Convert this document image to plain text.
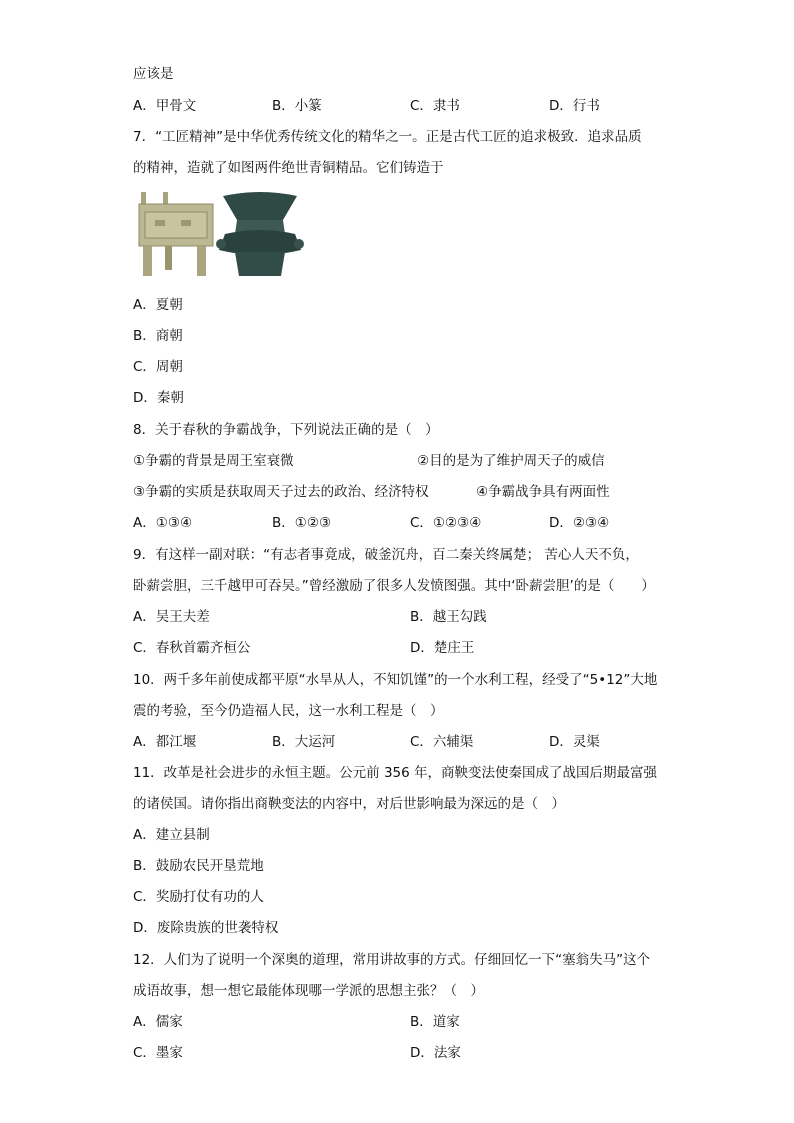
应该是
A．甲骨文	B．小篆	C．隶书	D．行书
7．“工匠精神”是中华优秀传统文化的精华之一。正是古代工匠的追求极致．追求品质
的精神，造就了如图两件绝世青铜精品。它们铸造于
A．夏朝
B．商朝
C．周朝
D．秦朝
8．关于春秋的争霸战争，下列说法正确的是（　）
①争霸的背景是周王室衰微	②目的是为了维护周天子的威信
③争霸的实质是获取周天子过去的政治、经济特权	④争霸战争具有两面性
A．①③④	B．①②③	C．①②③④	D．②③④
9．有这样一副对联：“有志者事竟成，破釜沉舟，百二秦关终属楚； 苦心人天不负，
卧薪尝胆，三千越甲可吞吴。”曾经激励了很多人发愤图强。其中‘卧薪尝胆’的是（　　）
A．吴王夫差	B．越王勾践
C．春秋首霸齐桓公	D．楚庄王
10．两千多年前使成都平原“水旱从人，不知饥馑”的一个水利工程，经受了“5•12”大地
震的考验，至今仍造福人民，这一水利工程是（　）
A．都江堰	B．大运河	C．六辅渠	D．灵渠
11．改革是社会进步的永恒主题。公元前 356 年，商鞅变法使秦国成了战国后期最富强
的诸侯国。请你指出商鞅变法的内容中，对后世影响最为深远的是（　）
A．建立县制
B．鼓励农民开垦荒地
C．奖励打仗有功的人
D．废除贵族的世袭特权
12．人们为了说明一个深奥的道理，常用讲故事的方式。仔细回忆一下“塞翁失马”这个
成语故事，想一想它最能体现哪一学派的思想主张？（　）
A．儒家	B．道家
C．墨家	D．法家
